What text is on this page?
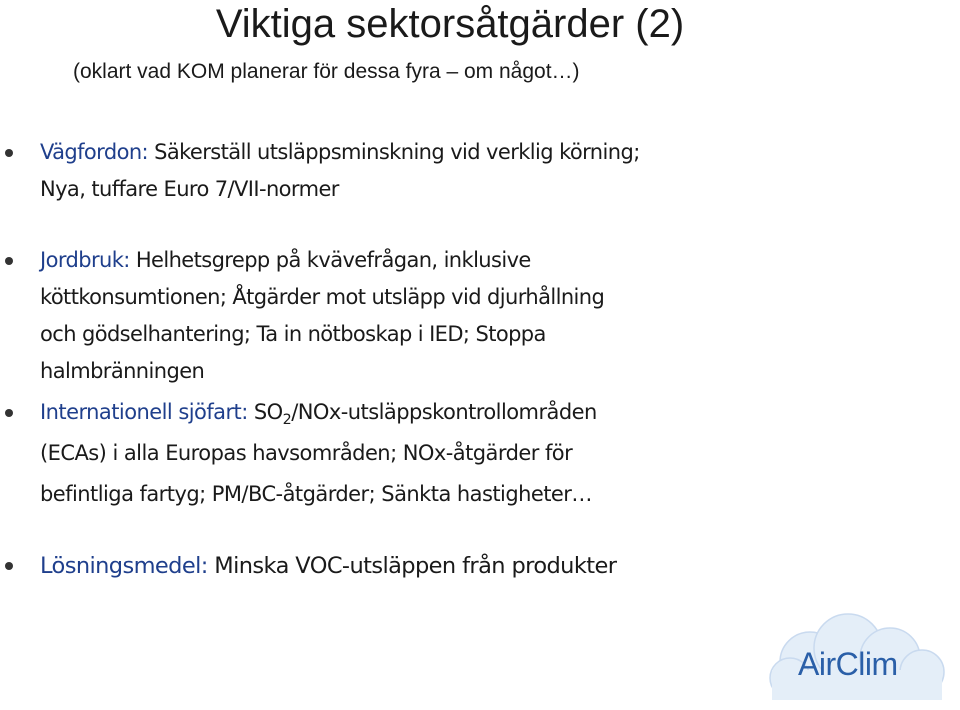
Viktiga sektorsåtgärder (2)
(oklart vad KOM planerar för dessa fyra – om något…)
Vägfordon: Säkerställ utsläppsminskning vid verklig körning;
Nya, tuffare Euro 7/VII-normer
Jordbruk: Helhetsgrepp på kvävefrågan, inklusive
köttkonsumtionen; Åtgärder mot utsläpp vid djurhållning
och gödselhantering; Ta in nötboskap i IED; Stoppa
halmbränningen
Internationell sjöfart: $SO_2/NOx$-utsläppskontrollområden
(ECAs) i alla Europas havsområden; NOx-åtgärder för
befintliga fartyg; PM/BC-åtgärder; Sänkta hastigheter…
Lösningsmedel: Minska VOC-utsläppen från produkter
AirClim
